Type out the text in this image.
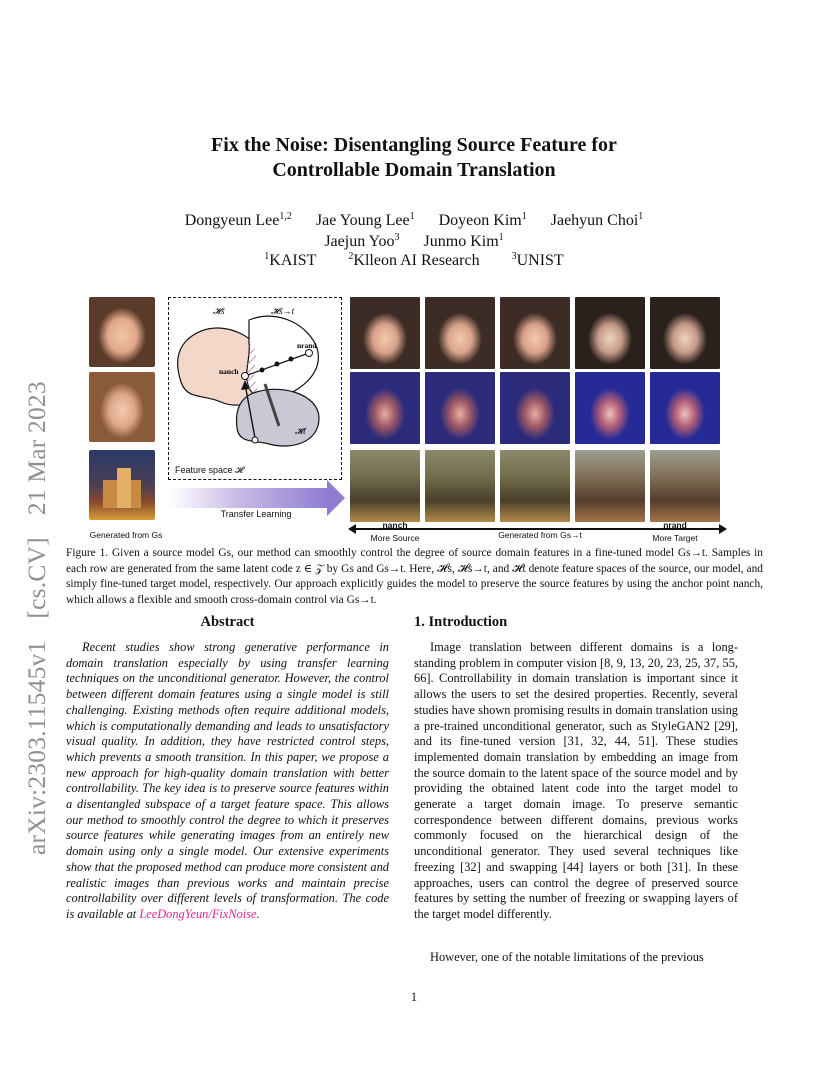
arXiv:2303.11545v1[cs.CV]21 Mar 2023
Fix the Noise: Disentangling Source Feature for
Controllable Domain Translation
Dongyeun Lee$^{1,2}$ Jae Young Lee$^1$ Doyeon Kim$^1$ Jaehyun Choi$^1$
Jaejun Yoo$^3$ Junmo Kim$^1$
$^1$KAIST	$^2$Klleon AI Research	$^3$UNIST
𝓗s	𝓗s→t
𝓗t
nanch
nrand
Feature space 𝓗
Transfer Learning
Generated from Gs
nanch
More Source	Generated from Gs→t
nrand
More Target
Figure 1. Given a source model Gs, our method can smoothly control the degree of source domain features in a fine-tuned model Gs→t. Samples in each row are generated from the same latent code z ∈ 𝒵 by Gs and Gs→t. Here, 𝓗s, 𝓗s→t, and 𝓗t denote feature spaces of the source, our model, and simply fine-tuned target model, respectively. Our approach explicitly guides the model to preserve the source features by using the anchor point nanch, which allows a flexible and smooth cross-domain control via Gs→t.
Abstract
Recent studies show strong generative performance in domain translation especially by using transfer learning techniques on the unconditional generator. However, the control between different domain features using a single model is still challenging. Existing methods often require additional models, which is computationally demanding and leads to unsatisfactory visual quality. In addition, they have restricted control steps, which prevents a smooth transition. In this paper, we propose a new approach for high-quality domain translation with better controllability. The key idea is to preserve source features within a disentangled subspace of a target feature space. This allows our method to smoothly control the degree to which it preserves source features while generating images from an entirely new domain using only a single model. Our extensive experiments show that the proposed method can produce more consistent and realistic images than previous works and maintain precise controllability over different levels of transformation. The code is available at LeeDongYeun/FixNoise.
1. Introduction
Image translation between different domains is a long-standing problem in computer vision [8, 9, 13, 20, 23, 25, 37, 55, 66]. Controllability in domain translation is important since it allows the users to set the desired properties. Recently, several studies have shown promising results in domain translation using a pre-trained unconditional generator, such as StyleGAN2 [29], and its fine-tuned version [31, 32, 44, 51]. These studies implemented domain translation by embedding an image from the source domain to the latent space of the source model and by providing the obtained latent code into the target model to generate a target domain image. To preserve semantic correspondence between different domains, previous works commonly focused on the hierarchical design of the unconditional generator. They used several techniques like freezing [32] and swapping [44] layers or both [31]. In these approaches, users can control the degree of preserved source features by setting the number of freezing or swapping layers of the target model differently.
However, one of the notable limitations of the previous
1
